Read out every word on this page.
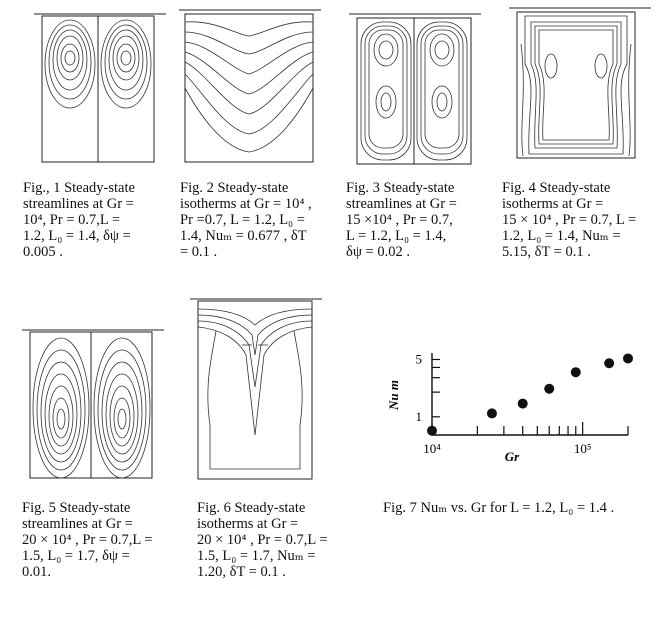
Fig., 1 Steady-state
streamlines at Gr =
10⁴, Pr = 0.7,L =
1.2, L₀ = 1.4, δψ =
0.005 .
Fig. 2 Steady-state
isotherms at Gr = 10⁴ ,
Pr =0.7, L = 1.2, L₀ =
1.4, Nuₘ = 0.677 , δT
= 0.1 .
Fig. 3 Steady-state
streamlines at Gr =
15 ×10⁴ , Pr = 0.7,
L = 1.2, L₀ = 1.4,
δψ = 0.02 .
Fig. 4 Steady-state
isotherms at Gr =
15 × 10⁴ , Pr = 0.7, L =
1.2, L₀ = 1.4, Nuₘ =
5.15, δT = 0.1 .
Nu m
10⁴	10⁵
1
5
Gr
Fig. 5 Steady-state
streamlines at Gr =
20 × 10⁴ , Pr = 0.7,L =
1.5, L₀ = 1.7, δψ =
0.01.
Fig. 6 Steady-state
isotherms at Gr =
20 × 10⁴ , Pr = 0.7,L =
1.5, L₀ = 1.7, Nuₘ =
1.20, δT = 0.1 .
Fig. 7 Nuₘ vs. Gr for L = 1.2, L₀ = 1.4 .
